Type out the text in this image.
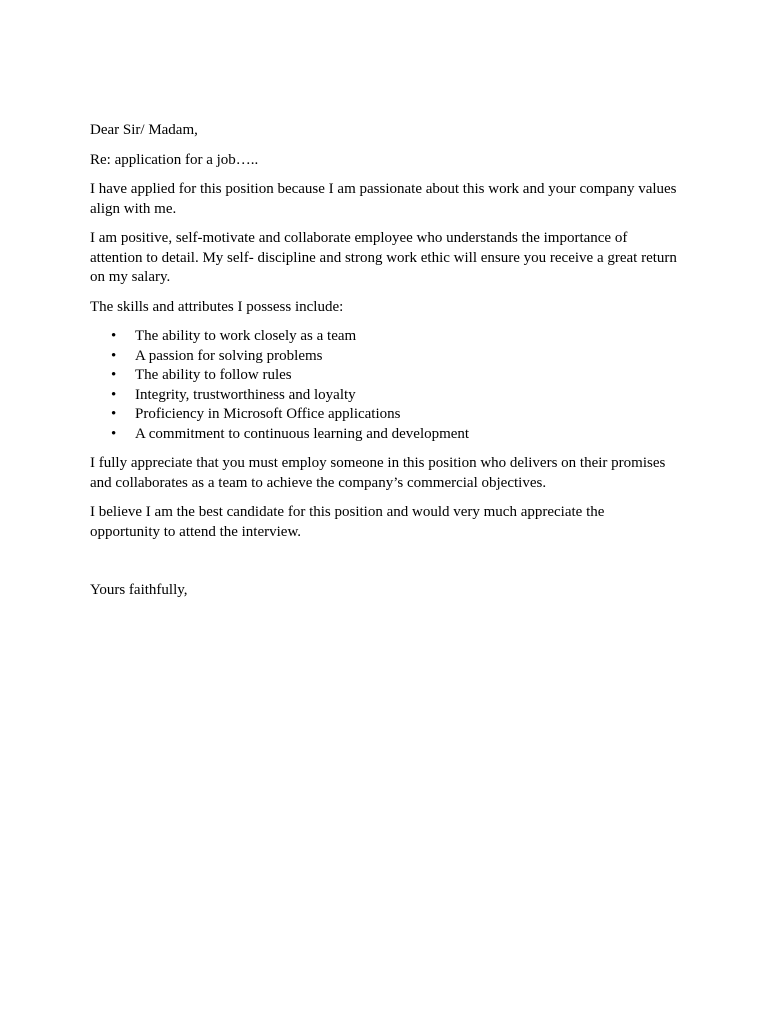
Dear Sir/ Madam,

Re: application for a job…..

I have applied for this position because I am passionate about this work and your company values align with me.

I am positive, self-motivate and collaborate employee who understands the importance of attention to detail. My self- discipline and strong work ethic will ensure you receive a great return on my salary.

The skills and attributes I possess include:

• The ability to work closely as a team
• A passion for solving problems
• The ability to follow rules
• Integrity, trustworthiness and loyalty
• Proficiency in Microsoft Office applications
• A commitment to continuous learning and development

I fully appreciate that you must employ someone in this position who delivers on their promises and collaborates as a team to achieve the company’s commercial objectives.

I believe I am the best candidate for this position and would very much appreciate the opportunity to attend the interview.

Yours faithfully,
